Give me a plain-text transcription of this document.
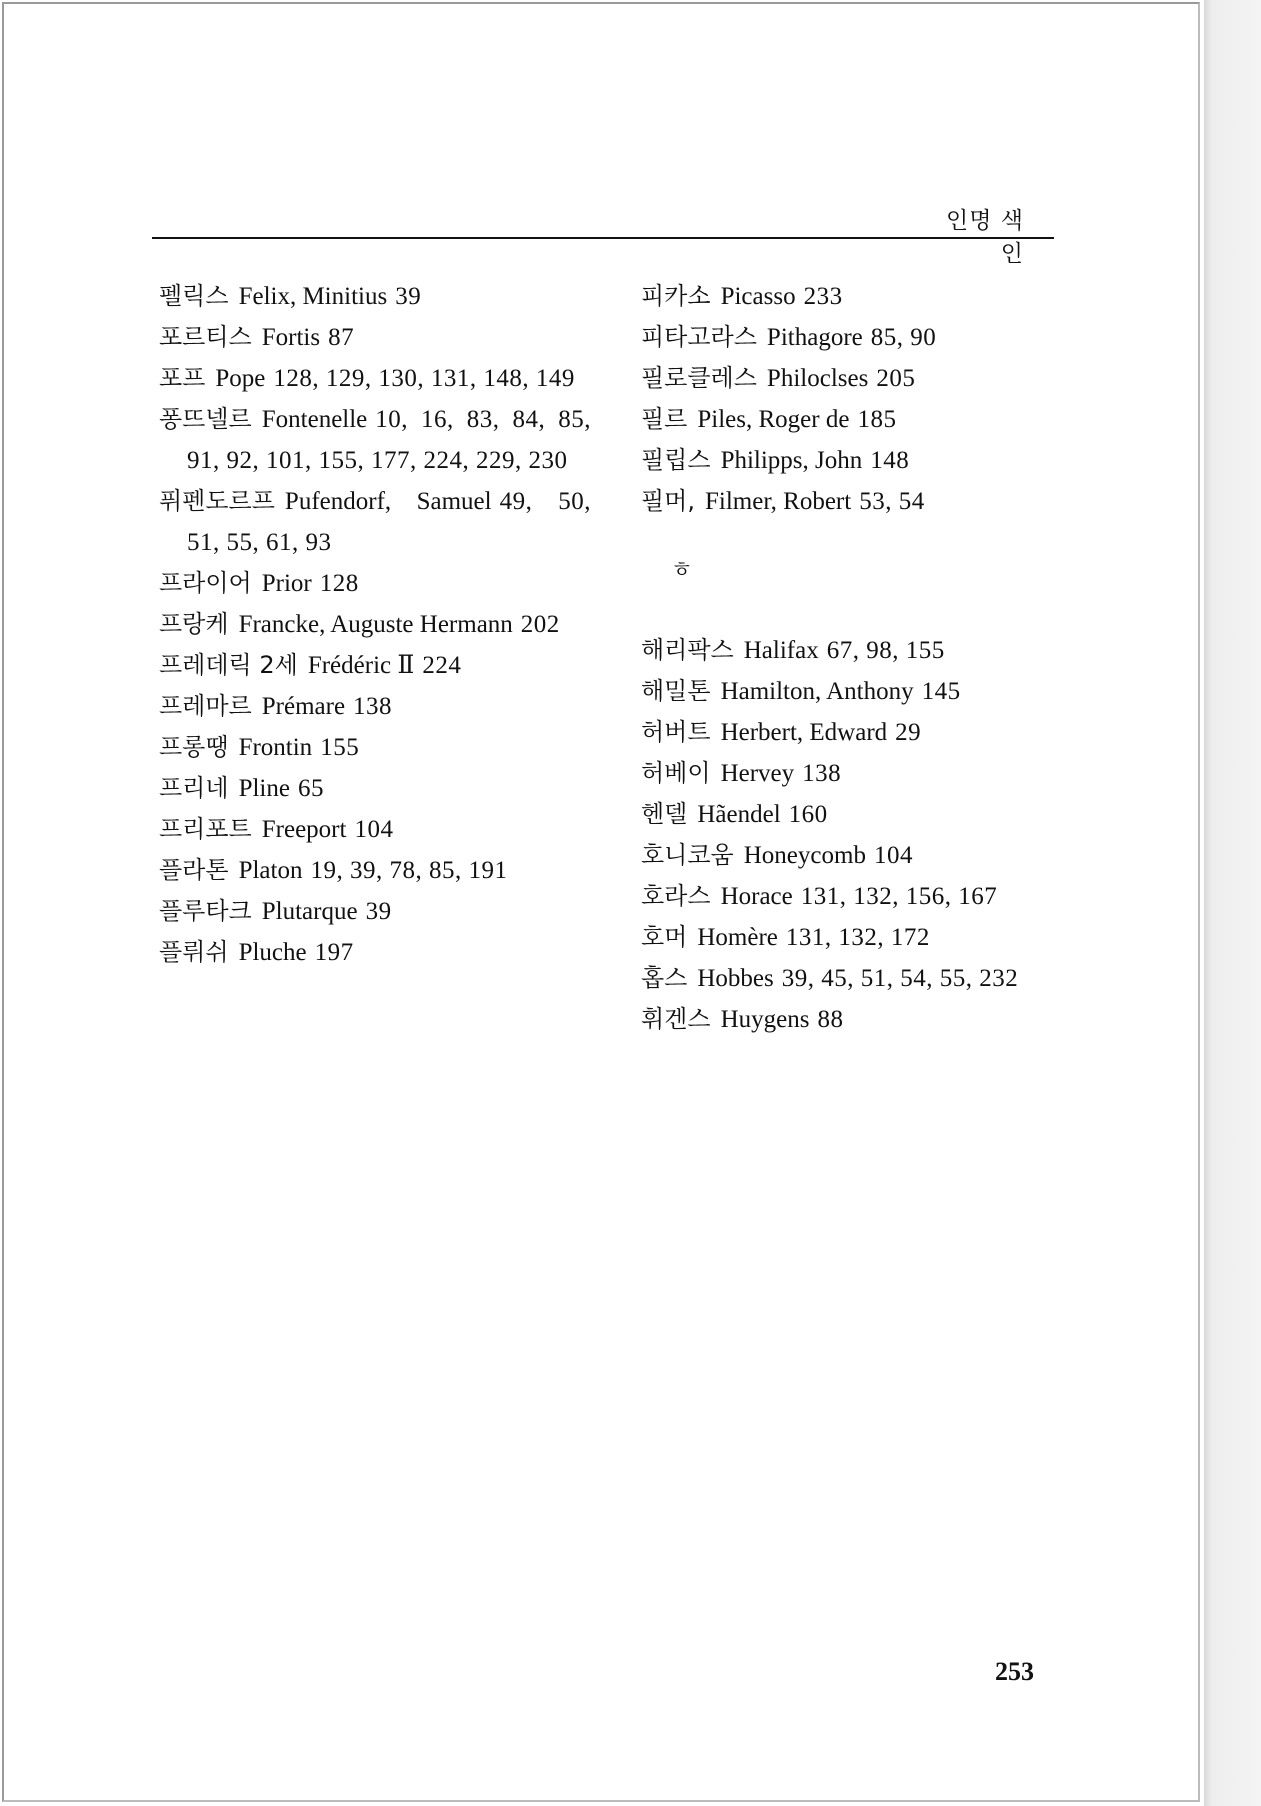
인명 색인
펠릭스 Felix, Minitius 39
포르티스 Fortis 87
포프 Pope 128, 129, 130, 131, 148, 149
퐁뜨넬르 Fontenelle 10, 16, 83, 84, 85, 91, 92, 101, 155, 177, 224, 229, 230
퓌펜도르프 Pufendorf, Samuel 49, 50, 51, 55, 61, 93
프라이어 Prior 128
프랑케 Francke, Auguste Hermann 202
프레데릭 2세 Frédéric Ⅱ 224
프레마르 Prémare 138
프롱땡 Frontin 155
프리네 Pline 65
프리포트 Freeport 104
플라톤 Platon 19, 39, 78, 85, 191
플루타크 Plutarque 39
플뤼쉬 Pluche 197
피카소 Picasso 233
피타고라스 Pithagore 85, 90
필로클레스 Philoclses 205
필르 Piles, Roger de 185
필립스 Philipps, John 148
필머, Filmer, Robert 53, 54
ㅎ
해리팍스 Halifax 67, 98, 155
해밀톤 Hamilton, Anthony 145
허버트 Herbert, Edward 29
허베이 Hervey 138
헨델 Hãendel 160
호니코움 Honeycomb 104
호라스 Horace 131, 132, 156, 167
호머 Homère 131, 132, 172
홉스 Hobbes 39, 45, 51, 54, 55, 232
휘겐스 Huygens 88
253
